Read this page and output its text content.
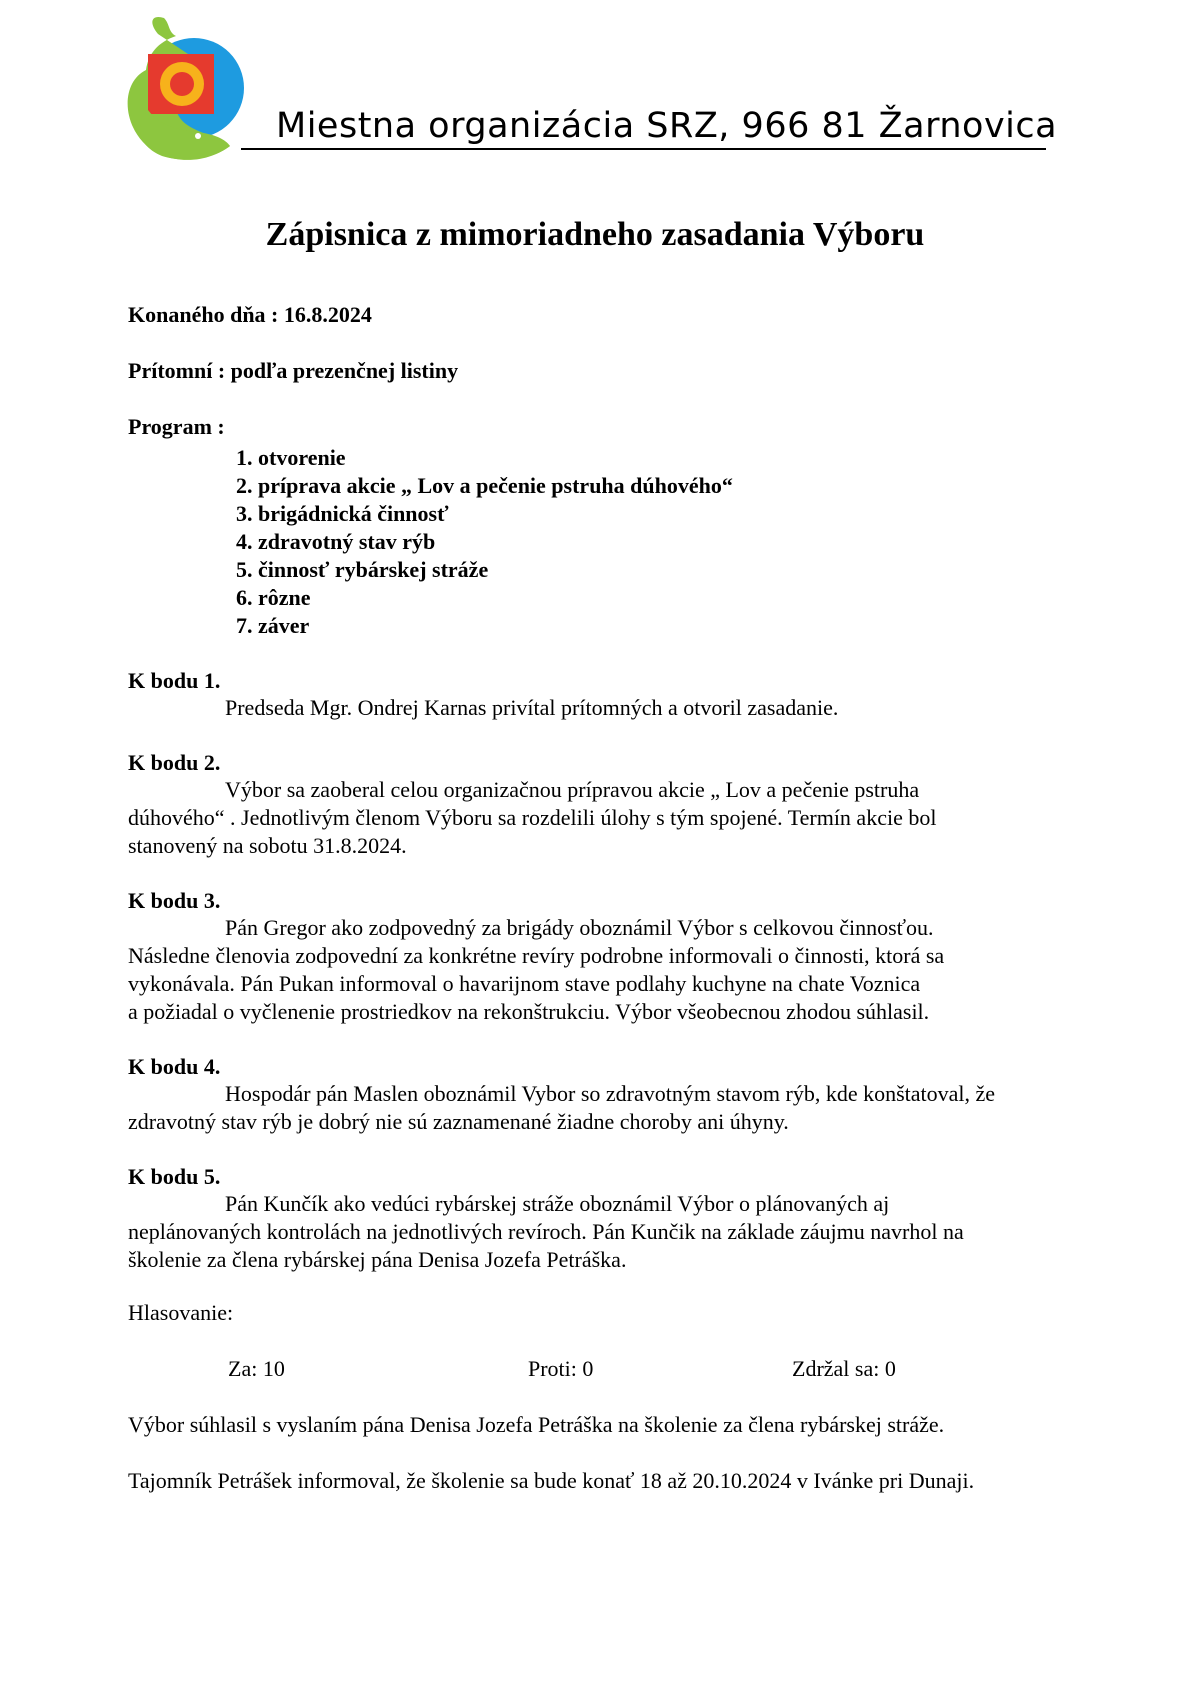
Miestna organizácia SRZ, 966 81 Žarnovica
Zápisnica z mimoriadneho zasadania Výboru
Konaného dňa : 16.8.2024
Prítomní : podľa prezenčnej listiny
Program :
1. otvorenie
2. príprava akcie „ Lov a pečenie pstruha dúhového“
3. brigádnická činnosť
4. zdravotný stav rýb
5. činnosť rybárskej stráže
6. rôzne
7. záver
K bodu 1.
Predseda Mgr. Ondrej Karnas privítal prítomných a otvoril zasadanie.
K bodu 2.
Výbor sa zaoberal celou organizačnou prípravou akcie „ Lov a pečenie pstruha
dúhového“ . Jednotlivým členom Výboru sa rozdelili úlohy s tým spojené. Termín akcie bol
stanovený na sobotu 31.8.2024.
K bodu 3.
Pán Gregor ako zodpovedný za brigády oboznámil Výbor s celkovou činnosťou.
Následne členovia zodpovední za konkrétne revíry podrobne informovali o činnosti, ktorá sa
vykonávala. Pán Pukan informoval o havarijnom stave podlahy kuchyne na chate Voznica
a požiadal o vyčlenenie prostriedkov na rekonštrukciu. Výbor všeobecnou zhodou súhlasil.
K bodu 4.
Hospodár pán Maslen oboznámil Vybor so zdravotným stavom rýb, kde konštatoval, že
zdravotný stav rýb je dobrý nie sú zaznamenané žiadne choroby ani úhyny.
K bodu 5.
Pán Kunčík ako vedúci rybárskej stráže oboznámil Výbor o plánovaných aj
neplánovaných kontrolách na jednotlivých revíroch. Pán Kunčik na základe záujmu navrhol na
školenie za člena rybárskej pána Denisa Jozefa Petráška.
Hlasovanie:
Za: 10	Proti: 0	Zdržal sa: 0
Výbor súhlasil s vyslaním pána Denisa Jozefa Petráška na školenie za člena rybárskej stráže.
Tajomník Petrášek informoval, že školenie sa bude konať 18 až 20.10.2024 v Ivánke pri Dunaji.
